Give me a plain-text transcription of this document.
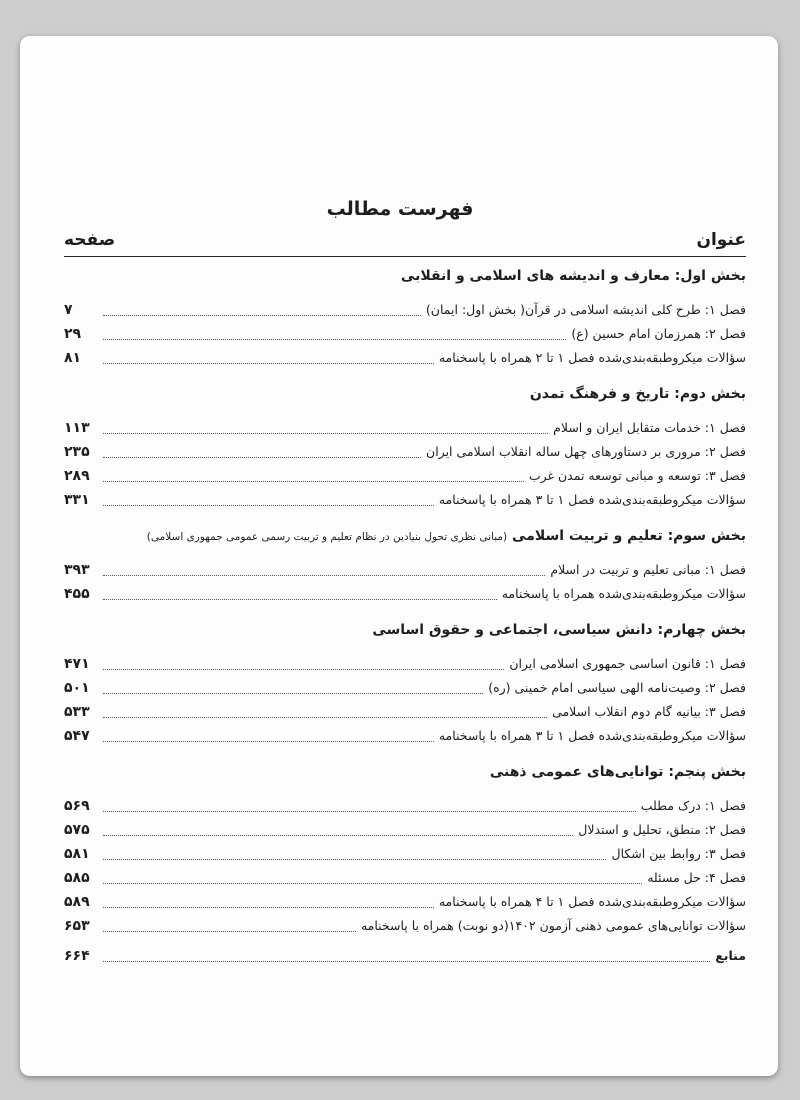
فهرست مطالب
عنوان
صفحه
بخش اول: معارف و اندیشه های اسلامی و انقلابی
فصل ۱: طرح کلی اندیشه اسلامی در قرآن( بخش اول: ایمان)
۷
فصل ۲: همرزمان امام حسین (ع)
۲۹
سؤالات میکروطبقه‌بندی‌شده فصل ۱ تا ۲ همراه با پاسخنامه
۸۱
بخش دوم: تاریخ و فرهنگ تمدن
فصل ۱: خدمات متقابل ایران و اسلام
۱۱۳
فصل ۲: مروری بر دستاورهای چهل ساله انقلاب اسلامی ایران
۲۳۵
فصل ۳: توسعه و مبانی توسعه تمدن غرب
۲۸۹
سؤالات میکروطبقه‌بندی‌شده فصل ۱ تا ۳ همراه با پاسخنامه
۳۳۱
بخش سوم: تعلیم و تربیت اسلامی (مبانی نظری تحول بنیادین در نظام تعلیم و تربیت رسمی عمومی جمهوری اسلامی)
فصل ۱: مبانی تعلیم و تربیت در اسلام
۳۹۳
سؤالات میکروطبقه‌بندی‌شده همراه با پاسخنامه
۴۵۵
بخش چهارم: دانش سیاسی، اجتماعی و حقوق اساسی
فصل ۱: قانون اساسی جمهوری اسلامی ایران
۴۷۱
فصل ۲: وصیت‌نامه الهی سیاسی امام خمینی (ره)
۵۰۱
فصل ۳: بیانیه گام دوم انقلاب اسلامی
۵۳۳
سؤالات میکروطبقه‌بندی‌شده فصل ۱ تا ۳ همراه با پاسخنامه
۵۴۷
بخش پنجم: توانایی‌های عمومی ذهنی
فصل ۱: درک مطلب
۵۶۹
فصل ۲: منطق، تحلیل و استدلال
۵۷۵
فصل ۳: روابط بین اشکال
۵۸۱
فصل ۴: حل مسئله
۵۸۵
سؤالات میکروطبقه‌بندی‌شده فصل ۱ تا ۴ همراه با پاسخنامه
۵۸۹
سؤالات توانایی‌های عمومی ذهنی آزمون ۱۴۰۲(دو نوبت) همراه با پاسخنامه
۶۵۳
منابع
۶۶۴
